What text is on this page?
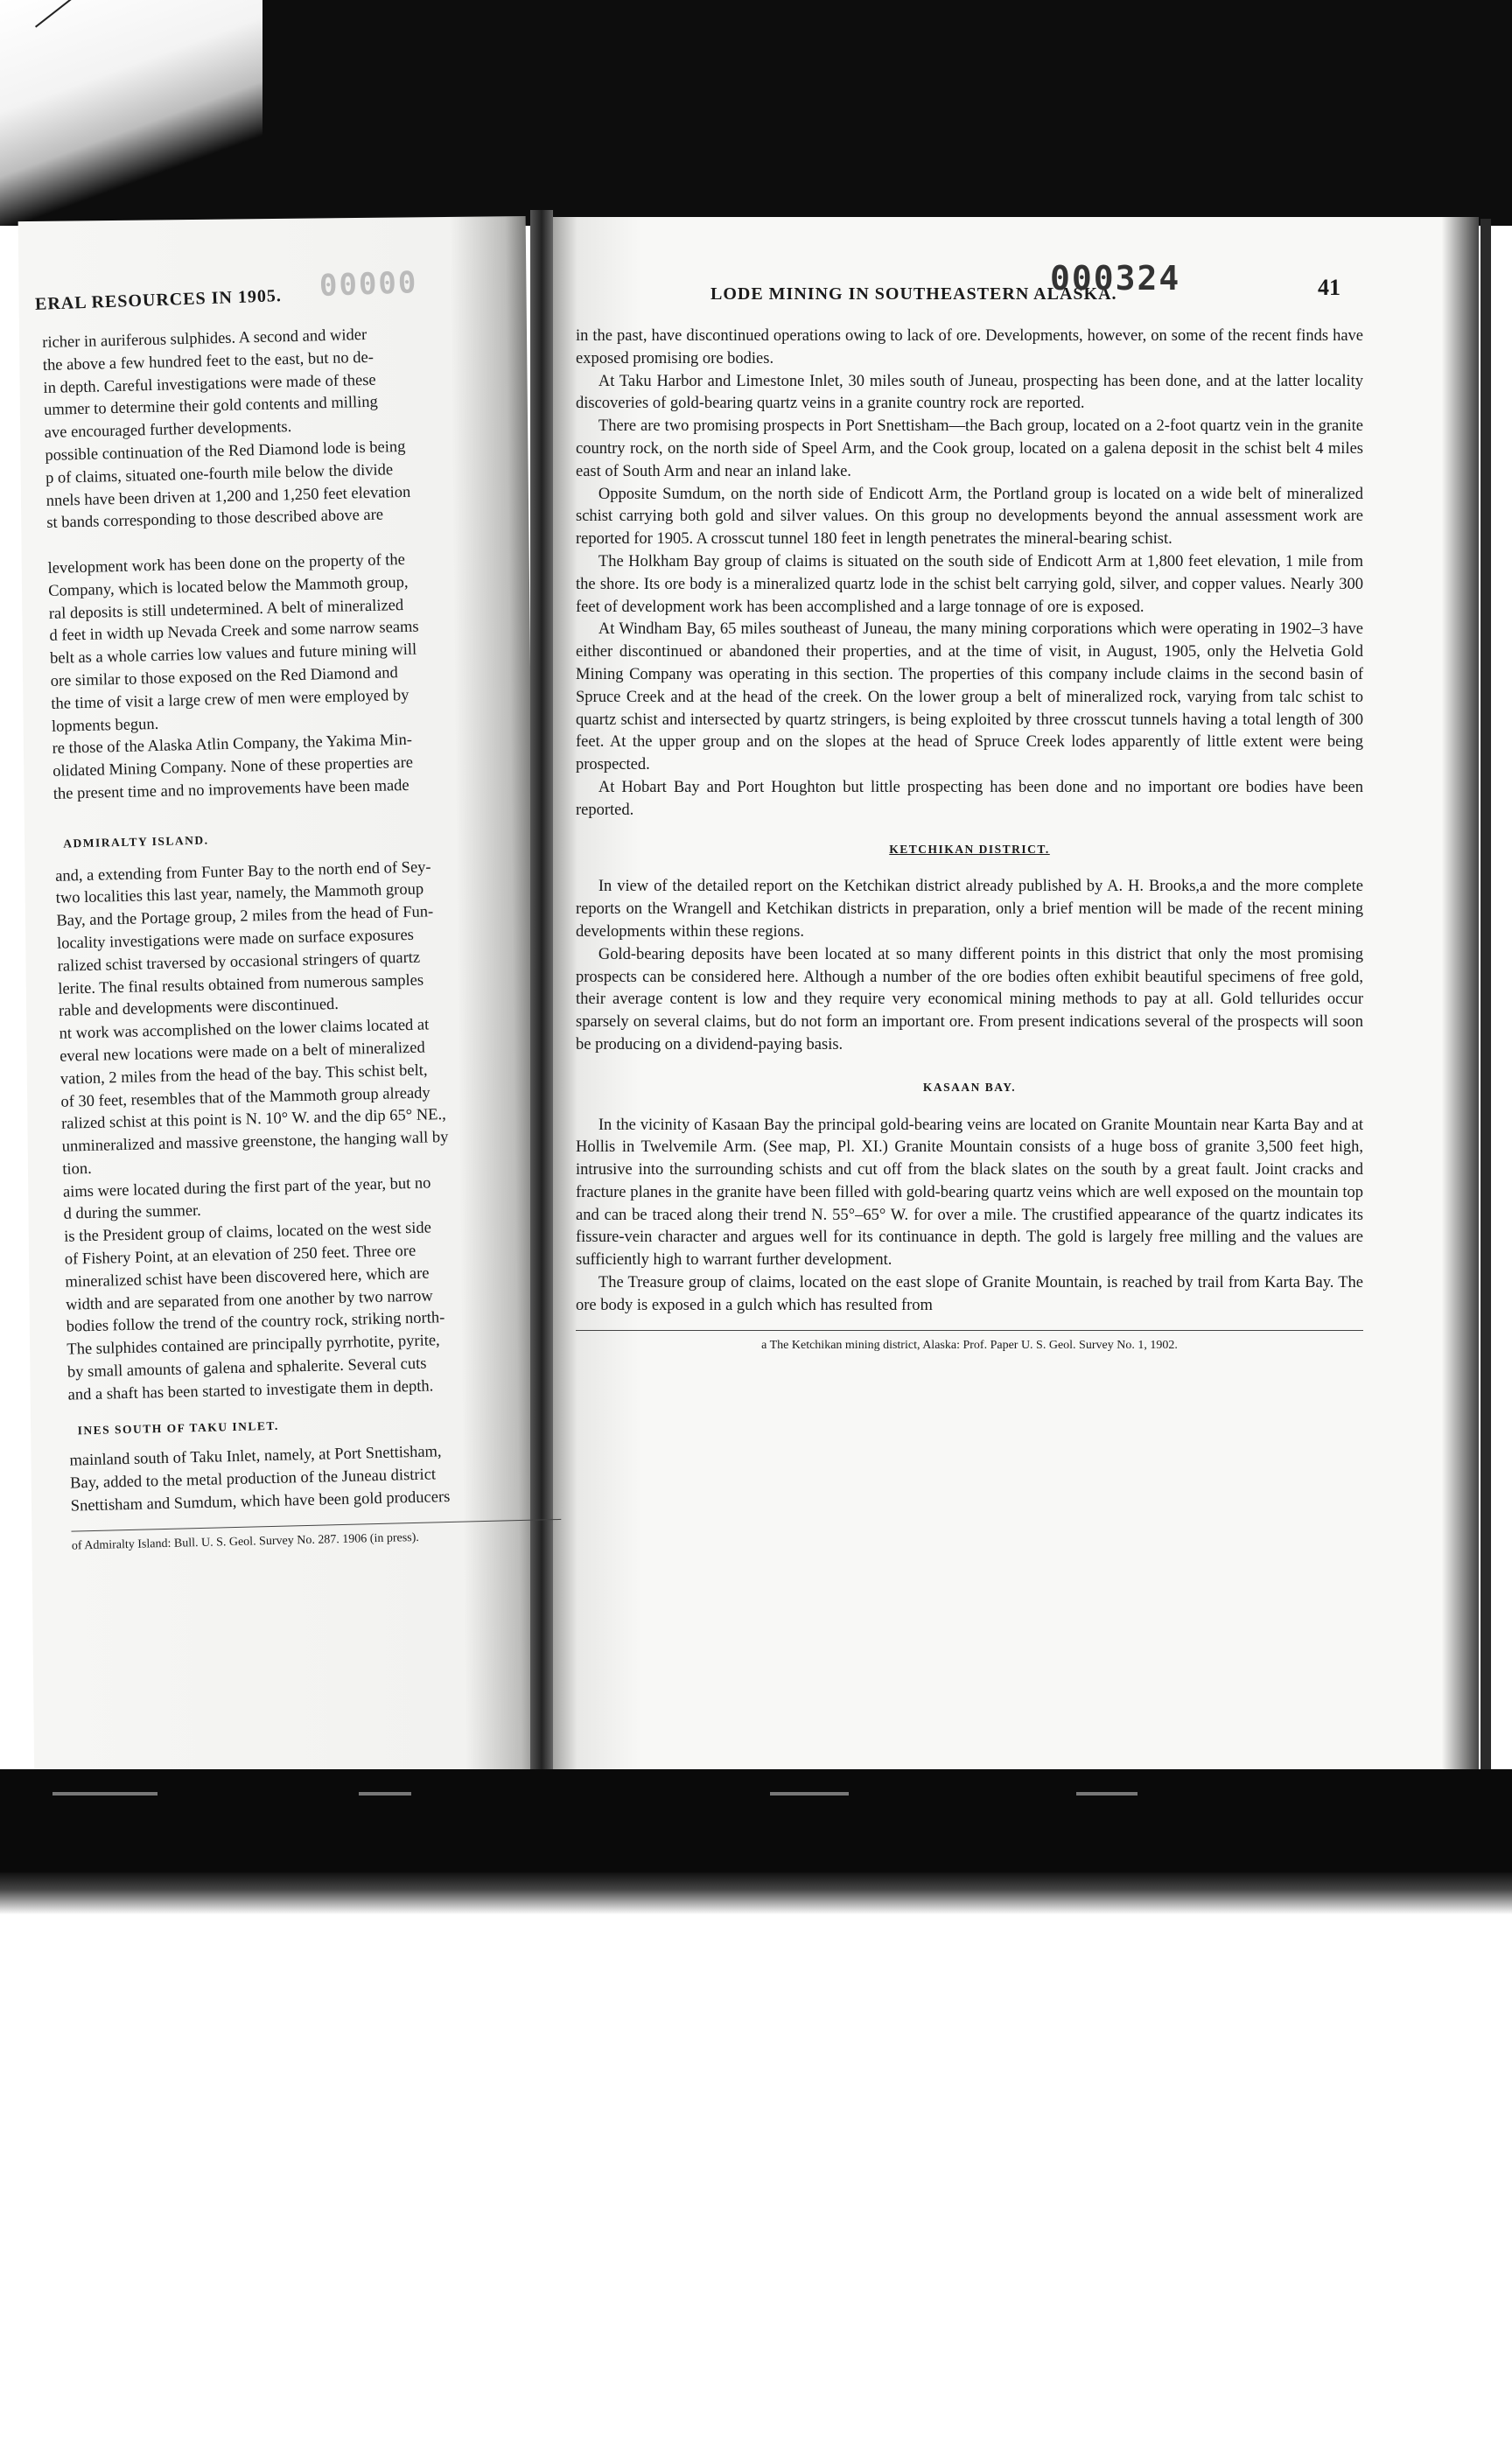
ERAL RESOURCES IN 1905. 00000
richer in auriferous sulphides. A second and wider
the above a few hundred feet to the east, but no de-
in depth. Careful investigations were made of these
ummer to determine their gold contents and milling
ave encouraged further developments.
possible continuation of the Red Diamond lode is being
p of claims, situated one-fourth mile below the divide
nnels have been driven at 1,200 and 1,250 feet elevation
st bands corresponding to those described above are

levelopment work has been done on the property of the
Company, which is located below the Mammoth group,
ral deposits is still undetermined. A belt of mineralized
d feet in width up Nevada Creek and some narrow seams
belt as a whole carries low values and future mining will
ore similar to those exposed on the Red Diamond and
the time of visit a large crew of men were employed by
lopments begun.
re those of the Alaska Atlin Company, the Yakima Min-
olidated Mining Company. None of these properties are
the present time and no improvements have been made
ADMIRALTY ISLAND.
and, a extending from Funter Bay to the north end of Sey-
two localities this last year, namely, the Mammoth group
Bay, and the Portage group, 2 miles from the head of Fun-
locality investigations were made on surface exposures
ralized schist traversed by occasional stringers of quartz
lerite. The final results obtained from numerous samples
rable and developments were discontinued.
nt work was accomplished on the lower claims located at
everal new locations were made on a belt of mineralized
vation, 2 miles from the head of the bay. This schist belt,
of 30 feet, resembles that of the Mammoth group already
ralized schist at this point is N. 10° W. and the dip 65° NE.,
unmineralized and massive greenstone, the hanging wall by
tion.
aims were located during the first part of the year, but no
d during the summer.
is the President group of claims, located on the west side
of Fishery Point, at an elevation of 250 feet. Three ore
mineralized schist have been discovered here, which are
width and are separated from one another by two narrow
bodies follow the trend of the country rock, striking north-
The sulphides contained are principally pyrrhotite, pyrite,
by small amounts of galena and sphalerite. Several cuts
and a shaft has been started to investigate them in depth.
INES SOUTH OF TAKU INLET.
mainland south of Taku Inlet, namely, at Port Snettisham,
Bay, added to the metal production of the Juneau district
Snettisham and Sumdum, which have been gold producers
of Admiralty Island: Bull. U. S. Geol. Survey No. 287. 1906 (in press).
LODE MINING IN SOUTHEASTERN ALASKA.	41
000324

in the past, have discontinued operations owing to lack of ore. Developments, however, on some of the recent finds have exposed promising ore bodies.

At Taku Harbor and Limestone Inlet, 30 miles south of Juneau, prospecting has been done, and at the latter locality discoveries of gold-bearing quartz veins in a granite country rock are reported.

There are two promising prospects in Port Snettisham—the Bach group, located on a 2-foot quartz vein in the granite country rock, on the north side of Speel Arm, and the Cook group, located on a galena deposit in the schist belt 4 miles east of South Arm and near an inland lake.

Opposite Sumdum, on the north side of Endicott Arm, the Portland group is located on a wide belt of mineralized schist carrying both gold and silver values. On this group no developments beyond the annual assessment work are reported for 1905. A crosscut tunnel 180 feet in length penetrates the mineral-bearing schist.

The Holkham Bay group of claims is situated on the south side of Endicott Arm at 1,800 feet elevation, 1 mile from the shore. Its ore body is a mineralized quartz lode in the schist belt carrying gold, silver, and copper values. Nearly 300 feet of development work has been accomplished and a large tonnage of ore is exposed.

At Windham Bay, 65 miles southeast of Juneau, the many mining corporations which were operating in 1902–3 have either discontinued or abandoned their properties, and at the time of visit, in August, 1905, only the Helvetia Gold Mining Company was operating in this section. The properties of this company include claims in the second basin of Spruce Creek and at the head of the creek. On the lower group a belt of mineralized rock, varying from talc schist to quartz schist and intersected by quartz stringers, is being exploited by three crosscut tunnels having a total length of 300 feet. At the upper group and on the slopes at the head of Spruce Creek lodes apparently of little extent were being prospected.

At Hobart Bay and Port Houghton but little prospecting has been done and no important ore bodies have been reported.

KETCHIKAN DISTRICT.

In view of the detailed report on the Ketchikan district already published by A. H. Brooks,a and the more complete reports on the Wrangell and Ketchikan districts in preparation, only a brief mention will be made of the recent mining developments within these regions.

Gold-bearing deposits have been located at so many different points in this district that only the most promising prospects can be considered here. Although a number of the ore bodies often exhibit beautiful specimens of free gold, their average content is low and they require very economical mining methods to pay at all. Gold tellurides occur sparsely on several claims, but do not form an important ore. From present indications several of the prospects will soon be producing on a dividend-paying basis.

KASAAN BAY.

In the vicinity of Kasaan Bay the principal gold-bearing veins are located on Granite Mountain near Karta Bay and at Hollis in Twelvemile Arm. (See map, Pl. XI.) Granite Mountain consists of a huge boss of granite 3,500 feet high, intrusive into the surrounding schists and cut off from the black slates on the south by a great fault. Joint cracks and fracture planes in the granite have been filled with gold-bearing quartz veins which are well exposed on the mountain top and can be traced along their trend N. 55°–65° W. for over a mile. The crustified appearance of the quartz indicates its fissure-vein character and argues well for its continuance in depth. The gold is largely free milling and the values are sufficiently high to warrant further development.

The Treasure group of claims, located on the east slope of Granite Mountain, is reached by trail from Karta Bay. The ore body is exposed in a gulch which has resulted from

a The Ketchikan mining district, Alaska: Prof. Paper U. S. Geol. Survey No. 1, 1902.
